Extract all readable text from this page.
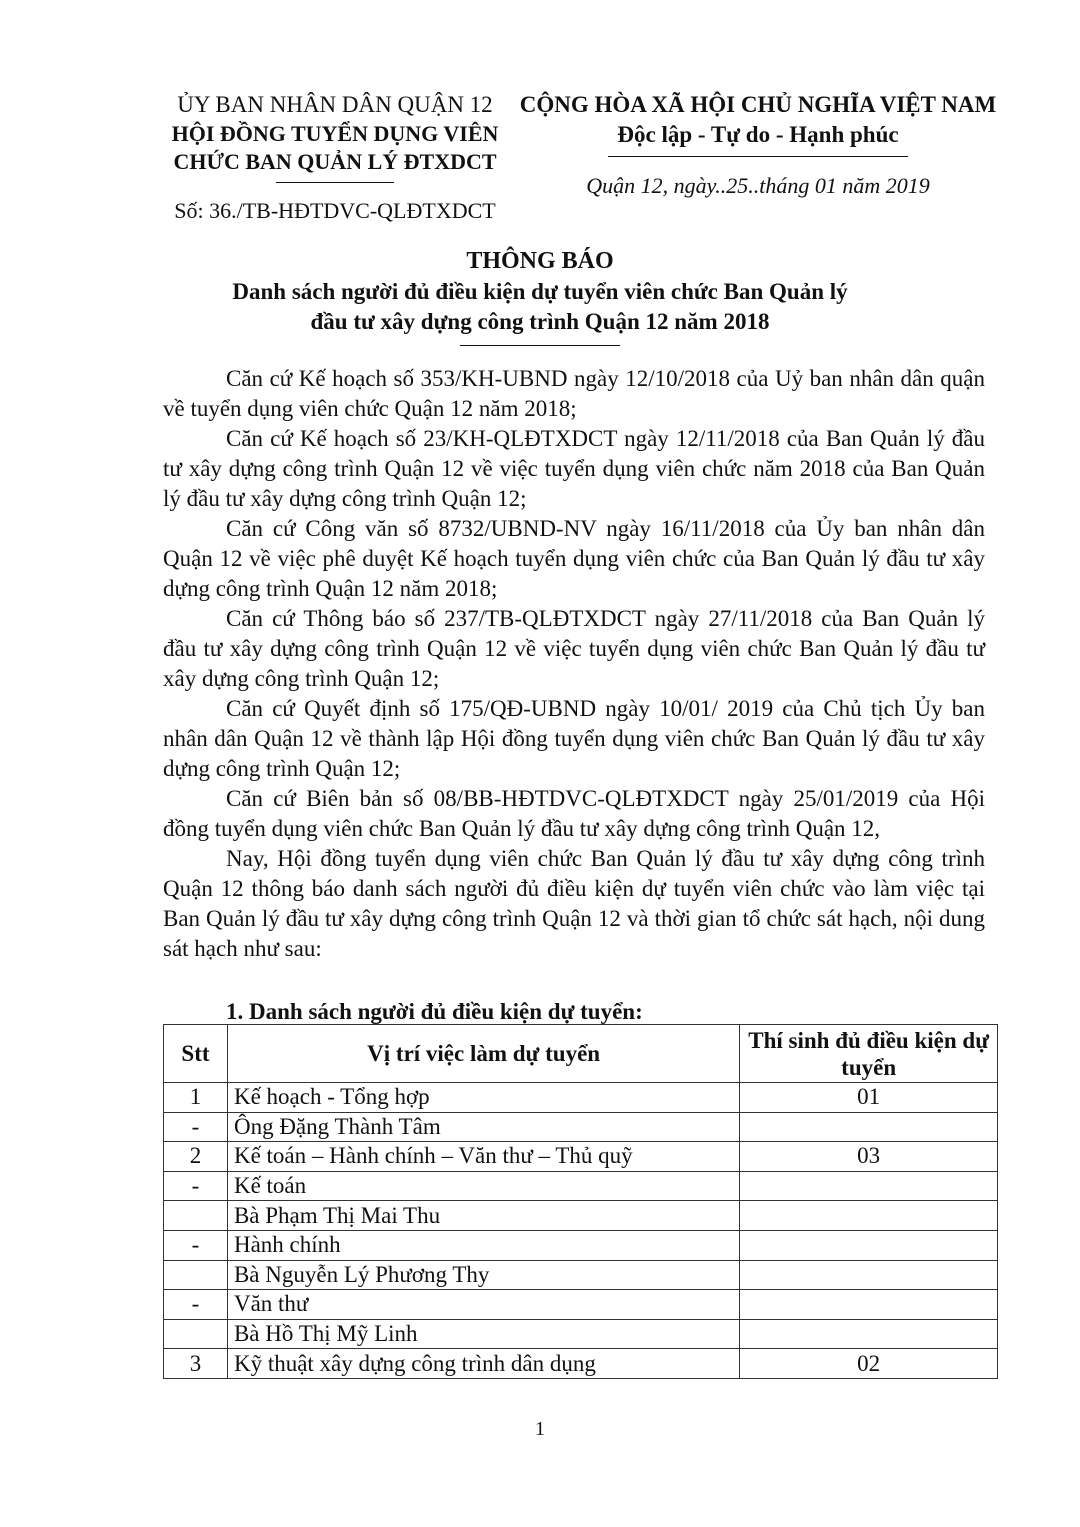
ỦY BAN NHÂN DÂN QUẬN 12
HỘI ĐỒNG TUYỂN DỤNG VIÊN
CHỨC BAN QUẢN LÝ ĐTXDCT
Số: 36./TB-HĐTDVC-QLĐTXDCT
CỘNG HÒA XÃ HỘI CHỦ NGHĨA VIỆT NAM
Độc lập - Tự do - Hạnh phúc
Quận 12, ngày..25..tháng 01 năm 2019
THÔNG BÁO
Danh sách người đủ điều kiện dự tuyển viên chức Ban Quản lý
đầu tư xây dựng công trình Quận 12 năm 2018

Căn cứ Kế hoạch số 353/KH-UBND ngày 12/10/2018 của Uỷ ban nhân dân quận về tuyển dụng viên chức Quận 12 năm 2018;

Căn cứ Kế hoạch số 23/KH-QLĐTXDCT ngày 12/11/2018 của Ban Quản lý đầu tư xây dựng công trình Quận 12 về việc tuyển dụng viên chức năm 2018 của Ban Quản lý đầu tư xây dựng công trình Quận 12;

Căn cứ Công văn số 8732/UBND-NV ngày 16/11/2018 của Ủy ban nhân dân Quận 12 về việc phê duyệt Kế hoạch tuyển dụng viên chức của Ban Quản lý đầu tư xây dựng công trình Quận 12 năm 2018;

Căn cứ Thông báo số 237/TB-QLĐTXDCT ngày 27/11/2018 của Ban Quản lý đầu tư xây dựng công trình Quận 12 về việc tuyển dụng viên chức Ban Quản lý đầu tư xây dựng công trình Quận 12;

Căn cứ Quyết định số 175/QĐ-UBND ngày 10/01/ 2019 của Chủ tịch Ủy ban nhân dân Quận 12 về thành lập Hội đồng tuyển dụng viên chức Ban Quản lý đầu tư xây dựng công trình Quận 12;

Căn cứ Biên bản số 08/BB-HĐTDVC-QLĐTXDCT ngày 25/01/2019 của Hội đồng tuyển dụng viên chức Ban Quản lý đầu tư xây dựng công trình Quận 12,

Nay, Hội đồng tuyển dụng viên chức Ban Quản lý đầu tư xây dựng công trình Quận 12 thông báo danh sách người đủ điều kiện dự tuyển viên chức vào làm việc tại Ban Quản lý đầu tư xây dựng công trình Quận 12 và thời gian tổ chức sát hạch, nội dung sát hạch như sau:

1. Danh sách người đủ điều kiện dự tuyển:
Stt	Vị trí việc làm dự tuyển	Thí sinh đủ điều kiện dự tuyển
1	Kế hoạch - Tổng hợp	01
-	Ông Đặng Thành Tâm	
2	Kế toán – Hành chính – Văn thư – Thủ quỹ	03
-	Kế toán	
	Bà Phạm Thị Mai Thu	
-	Hành chính	
	Bà Nguyễn Lý Phương Thy	
-	Văn thư	
	Bà Hồ Thị Mỹ Linh	
3	Kỹ thuật xây dựng công trình dân dụng	02
1
